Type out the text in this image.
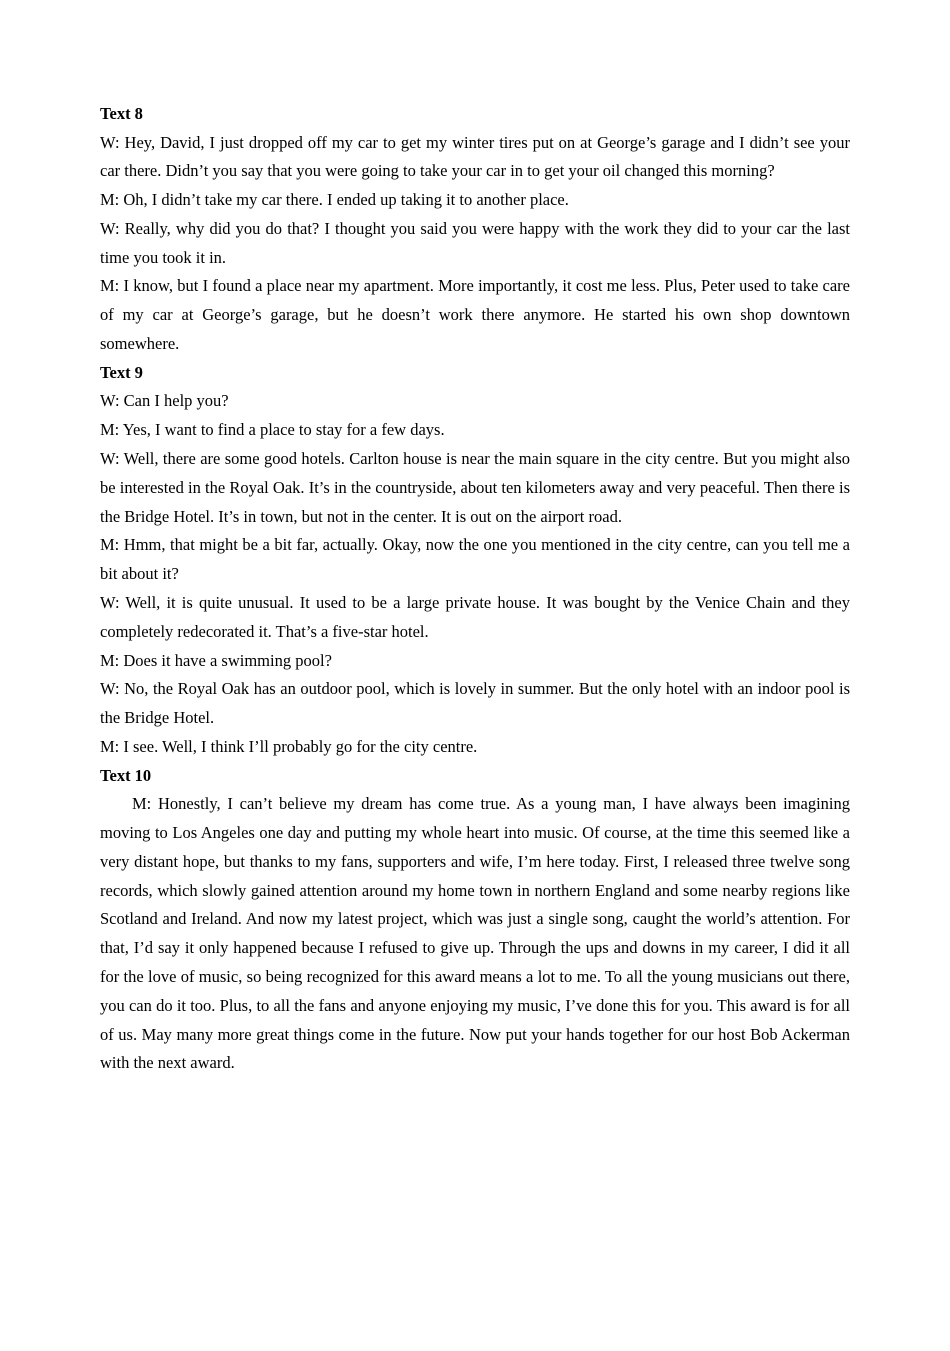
Text 8

W: Hey, David, I just dropped off my car to get my winter tires put on at George’s garage and I didn’t see your car there. Didn’t you say that you were going to take your car in to get your oil changed this morning?

M: Oh, I didn’t take my car there. I ended up taking it to another place.

W: Really, why did you do that? I thought you said you were happy with the work they did to your car the last time you took it in.

M: I know, but I found a place near my apartment. More importantly, it cost me less. Plus, Peter used to take care of my car at George’s garage, but he doesn’t work there anymore. He started his own shop downtown somewhere.

Text 9

W: Can I help you?

M: Yes, I want to find a place to stay for a few days.

W: Well, there are some good hotels. Carlton house is near the main square in the city centre. But you might also be interested in the Royal Oak. It’s in the countryside, about ten kilometers away and very peaceful. Then there is the Bridge Hotel. It’s in town, but not in the center. It is out on the airport road.

M: Hmm, that might be a bit far, actually. Okay, now the one you mentioned in the city centre, can you tell me a bit about it?

W: Well, it is quite unusual. It used to be a large private house. It was bought by the Venice Chain and they completely redecorated it. That’s a five-star hotel.

M: Does it have a swimming pool?

W: No, the Royal Oak has an outdoor pool, which is lovely in summer. But the only hotel with an indoor pool is the Bridge Hotel.

M: I see. Well, I think I’ll probably go for the city centre.

Text 10

M: Honestly, I can’t believe my dream has come true. As a young man, I have always been imagining moving to Los Angeles one day and putting my whole heart into music. Of course, at the time this seemed like a very distant hope, but thanks to my fans, supporters and wife, I’m here today. First, I released three twelve song records, which slowly gained attention around my home town in northern England and some nearby regions like Scotland and Ireland. And now my latest project, which was just a single song, caught the world’s attention. For that, I’d say it only happened because I refused to give up. Through the ups and downs in my career, I did it all for the love of music, so being recognized for this award means a lot to me. To all the young musicians out there, you can do it too. Plus, to all the fans and anyone enjoying my music, I’ve done this for you. This award is for all of us. May many more great things come in the future. Now put your hands together for our host Bob Ackerman with the next award.
